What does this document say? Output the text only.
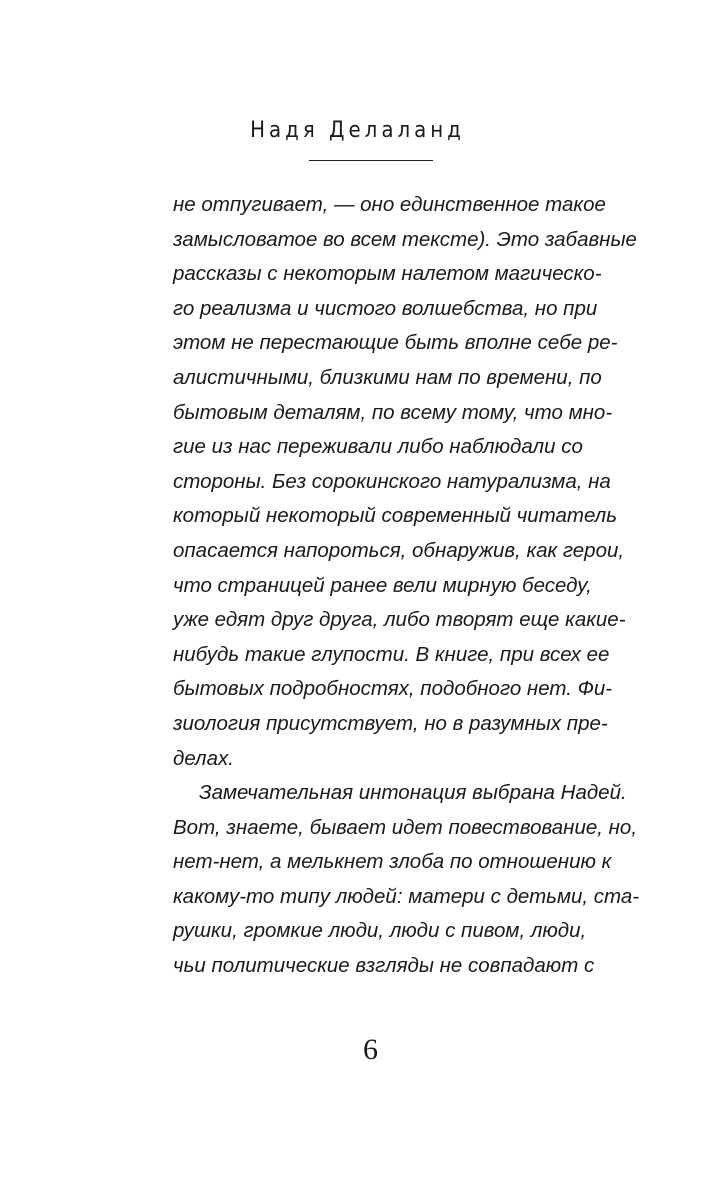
Надя Делаланд
не отпугивает, — оно единственное такое
замысловатое во всем тексте). Это забавные
рассказы с некоторым налетом магическо-
го реализма и чистого волшебства, но при
этом не перестающие быть вполне себе ре-
алистичными, близкими нам по времени, по
бытовым деталям, по всему тому, что мно-
гие из нас переживали либо наблюдали со
стороны. Без сорокинского натурализма, на
который некоторый современный читатель
опасается напороться, обнаружив, как герои,
что страницей ранее вели мирную беседу,
уже едят друг друга, либо творят еще какие-
нибудь такие глупости. В книге, при всех ее
бытовых подробностях, подобного нет. Фи-
зиология присутствует, но в разумных пре-
делах.
Замечательная интонация выбрана Надей.
Вот, знаете, бывает идет повествование, но,
нет-нет, а мелькнет злоба по отношению к
какому-то типу людей: матери с детьми, ста-
рушки, громкие люди, люди с пивом, люди,
чьи политические взгляды не совпадают с
6
